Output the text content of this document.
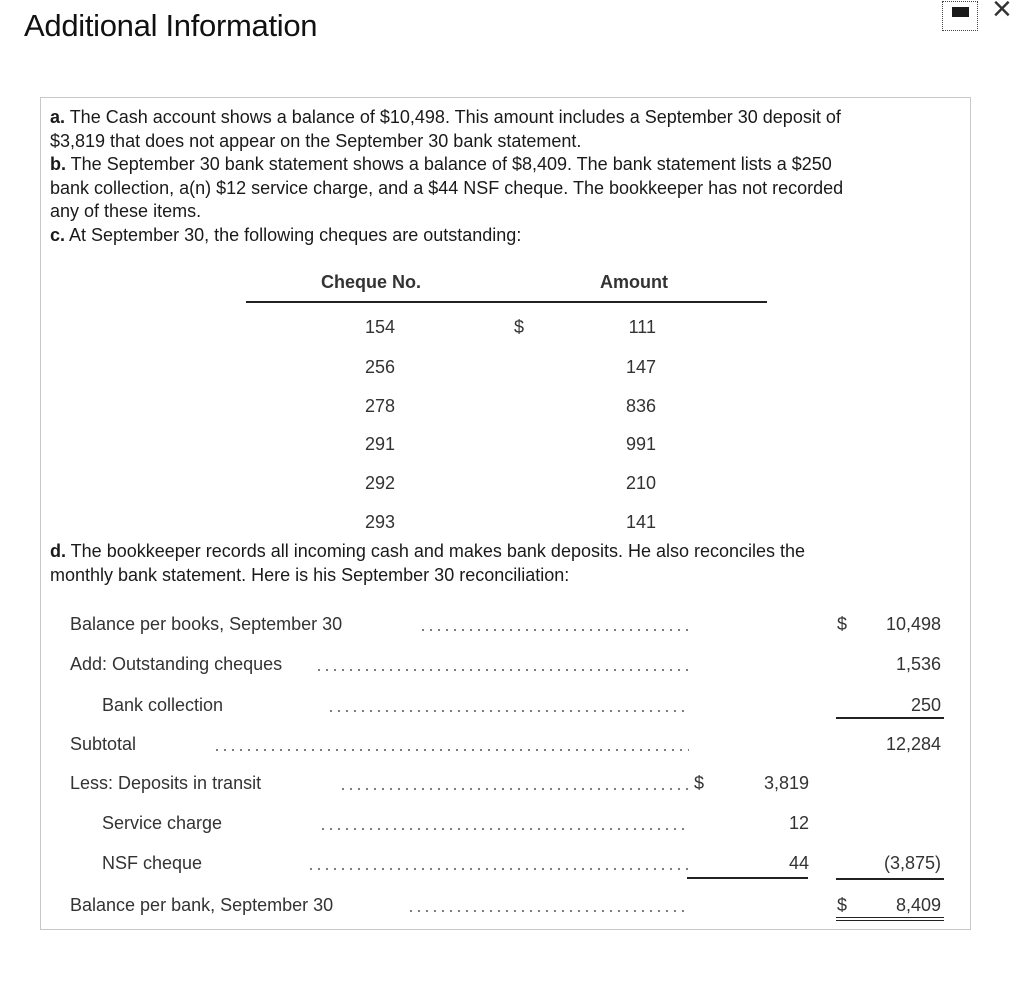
Additional Information	×
a. The Cash account shows a balance of $10,498. This amount includes a September 30 deposit of
$3,819 that does not appear on the September 30 bank statement.
b. The September 30 bank statement shows a balance of $8,409. The bank statement lists a $250
bank collection, a(n) $12 service charge, and a $44 NSF cheque. The bookkeeper has not recorded
any of these items.
c. At September 30, the following cheques are outstanding:
Cheque No.	Amount
154	$	111
256	147
278	836
291	991
292	210
293	141
d. The bookkeeper records all incoming cash and makes bank deposits. He also reconciles the
monthly bank statement. Here is his September 30 reconciliation:
Balance per books, September 30	$	10,498
Add: Outstanding cheques	1,536
Bank collection	250
Subtotal	12,284
Less: Deposits in transit	$	3,819
Service charge	12
NSF cheque	44	(3,875)
Balance per bank, September 30	$	8,409
